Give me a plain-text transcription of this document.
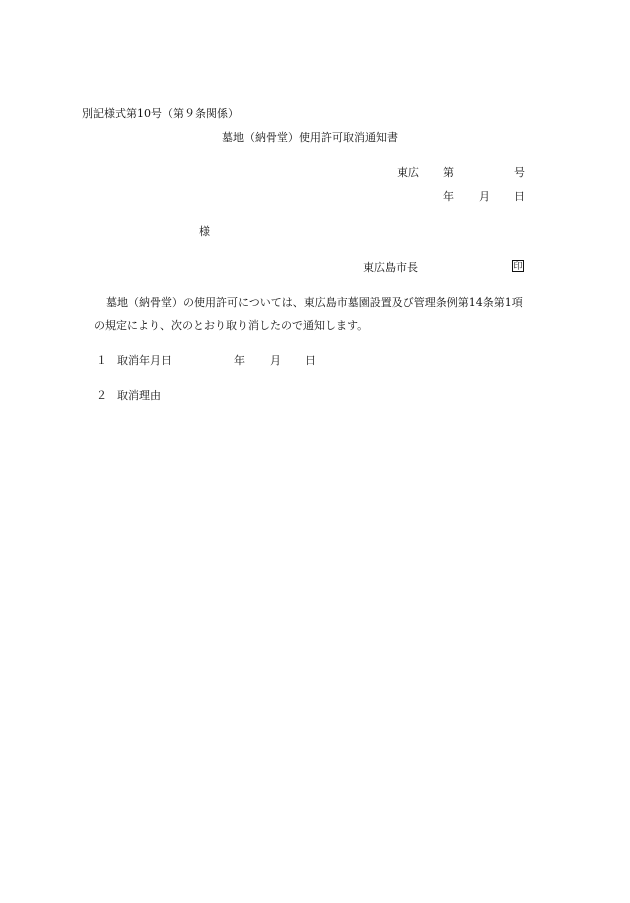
別記様式第10号（第９条関係）
墓地（納骨堂）使用許可取消通知書
東広 第	号
年 月 日
様
東広島市長	印
墓地（納骨堂）の使用許可については、東広島市墓園設置及び管理条例第14条第1項
の規定により、次のとおり取り消したので通知します。
１ 取消年月日	年 月 日
２ 取消理由
